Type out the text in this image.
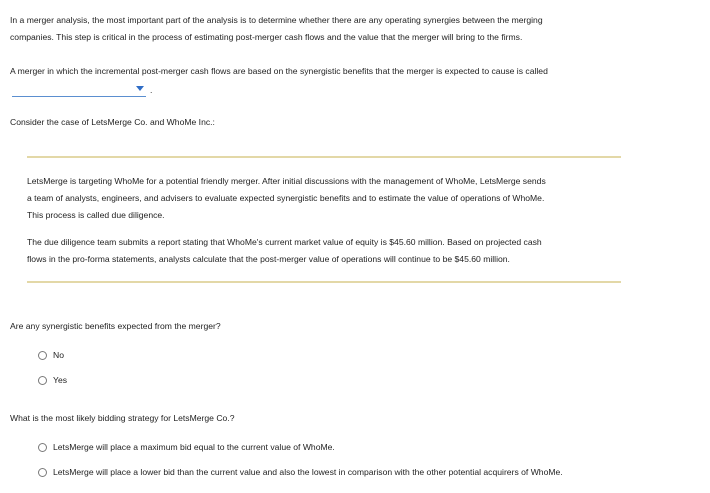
In a merger analysis, the most important part of the analysis is to determine whether there are any operating synergies between the merging

companies. This step is critical in the process of estimating post-merger cash flows and the value that the merger will bring to the firms.

A merger in which the incremental post-merger cash flows are based on the synergistic benefits that the merger is expected to cause is called

.

Consider the case of LetsMerge Co. and WhoMe Inc.:

LetsMerge is targeting WhoMe for a potential friendly merger. After initial discussions with the management of WhoMe, LetsMerge sends

a team of analysts, engineers, and advisers to evaluate expected synergistic benefits and to estimate the value of operations of WhoMe.

This process is called due diligence.

The due diligence team submits a report stating that WhoMe's current market value of equity is $45.60 million. Based on projected cash

flows in the pro-forma statements, analysts calculate that the post-merger value of operations will continue to be $45.60 million.

Are any synergistic benefits expected from the merger?

No
Yes

What is the most likely bidding strategy for LetsMerge Co.?

LetsMerge will place a maximum bid equal to the current value of WhoMe.
LetsMerge will place a lower bid than the current value and also the lowest in comparison with the other potential acquirers of WhoMe.
